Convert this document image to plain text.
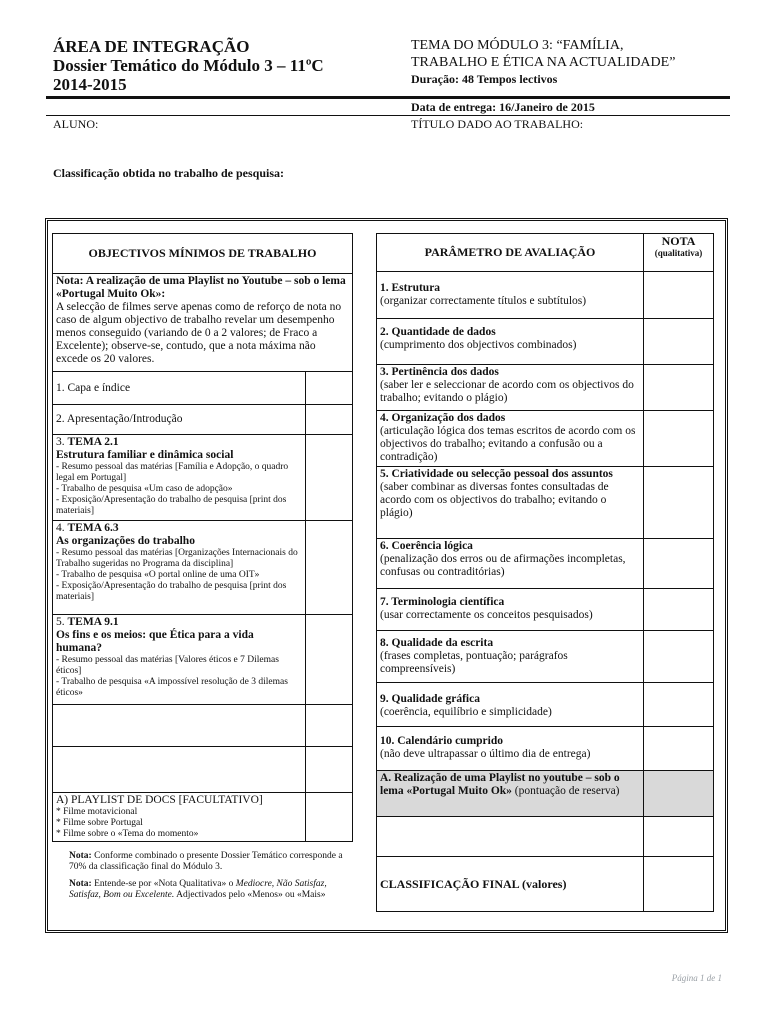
ÁREA DE INTEGRAÇÃO
Dossier Temático do Módulo 3 – 11ºC
2014-2015
TEMA DO MÓDULO 3: “FAMÍLIA,
TRABALHO E ÉTICA NA ACTUALIDADE”
Duração: 48 Tempos lectivos
Data de entrega: 16/Janeiro de 2015
ALUNO:	TÍTULO DADO AO TRABALHO:
Classificação obtida no trabalho de pesquisa:
OBJECTIVOS MÍNIMOS DE TRABALHO	

Nota: A realização de uma Playlist no Youtube – sob o lema «Portugal Muito Ok»:
A selecção de filmes serve apenas como de reforço de nota no caso de algum objectivo de trabalho revelar um desempenho menos conseguido (variando de 0 a 2 valores; de Fraco a Excelente); observe-se, contudo, que a nota máxima não excede os 20 valores.	

1. Capa e índice	
2. Apresentação/Introdução	

3. TEMA 2.1
Estrutura familiar e dinâmica social
- Resumo pessoal das matérias [Família e Adopção, o quadro legal em Portugal]
- Trabalho de pesquisa «Um caso de adopção»
- Exposição/Apresentação do trabalho de pesquisa [print dos materiais]	

4. TEMA 6.3
As organizações do trabalho
- Resumo pessoal das matérias [Organizações Internacionais do Trabalho sugeridas no Programa da disciplina]
- Trabalho de pesquisa «O portal online de uma OIT»
- Exposição/Apresentação do trabalho de pesquisa [print dos materiais]	

5. TEMA 9.1
Os fins e os meios: que Ética para a vida humana?
- Resumo pessoal das matérias [Valores éticos e 7 Dilemas éticos]
- Trabalho de pesquisa «A impossível resolução de 3 dilemas éticos»	

A) PLAYLIST DE DOCS [FACULTATIVO]
* Filme motavicional
* Filme sobre Portugal
* Filme sobre o «Tema do momento»	

Nota: Conforme combinado o presente Dossier Temático corresponde a 70% da classificação final do Módulo 3.
Nota: Entende-se por «Nota Qualitativa» o Mediocre, Não Satisfaz, Satisfaz, Bom ou Excelente. Adjectivados pelo «Menos» ou «Mais»
PARÂMETRO DE AVALIAÇÃO	NOTA
(qualitativa)

1. Estrutura
(organizar correctamente títulos e subtítulos)	

2. Quantidade de dados
(cumprimento dos objectivos combinados)	

3. Pertinência dos dados
(saber ler e seleccionar de acordo com os objectivos do trabalho; evitando o plágio)	

4. Organização dos dados
(articulação lógica dos temas escritos de acordo com os objectivos do trabalho; evitando a confusão ou a contradição)	

5. Criatividade ou selecção pessoal dos assuntos
(saber combinar as diversas fontes consultadas de acordo com os objectivos do trabalho; evitando o plágio)	

6. Coerência lógica
(penalização dos erros ou de afirmações incompletas, confusas ou contraditórias)	

7. Terminologia científica
(usar correctamente os conceitos pesquisados)	

8. Qualidade da escrita
(frases completas, pontuação; parágrafos compreensíveis)	

9. Qualidade gráfica
(coerência, equilíbrio e simplicidade)	

10. Calendário cumprido
(não deve ultrapassar o último dia de entrega)	

A. Realização de uma Playlist no youtube – sob o lema «Portugal Muito Ok» (pontuação de reserva)	

CLASSIFICAÇÃO FINAL (valores)	
Página 1 de 1
